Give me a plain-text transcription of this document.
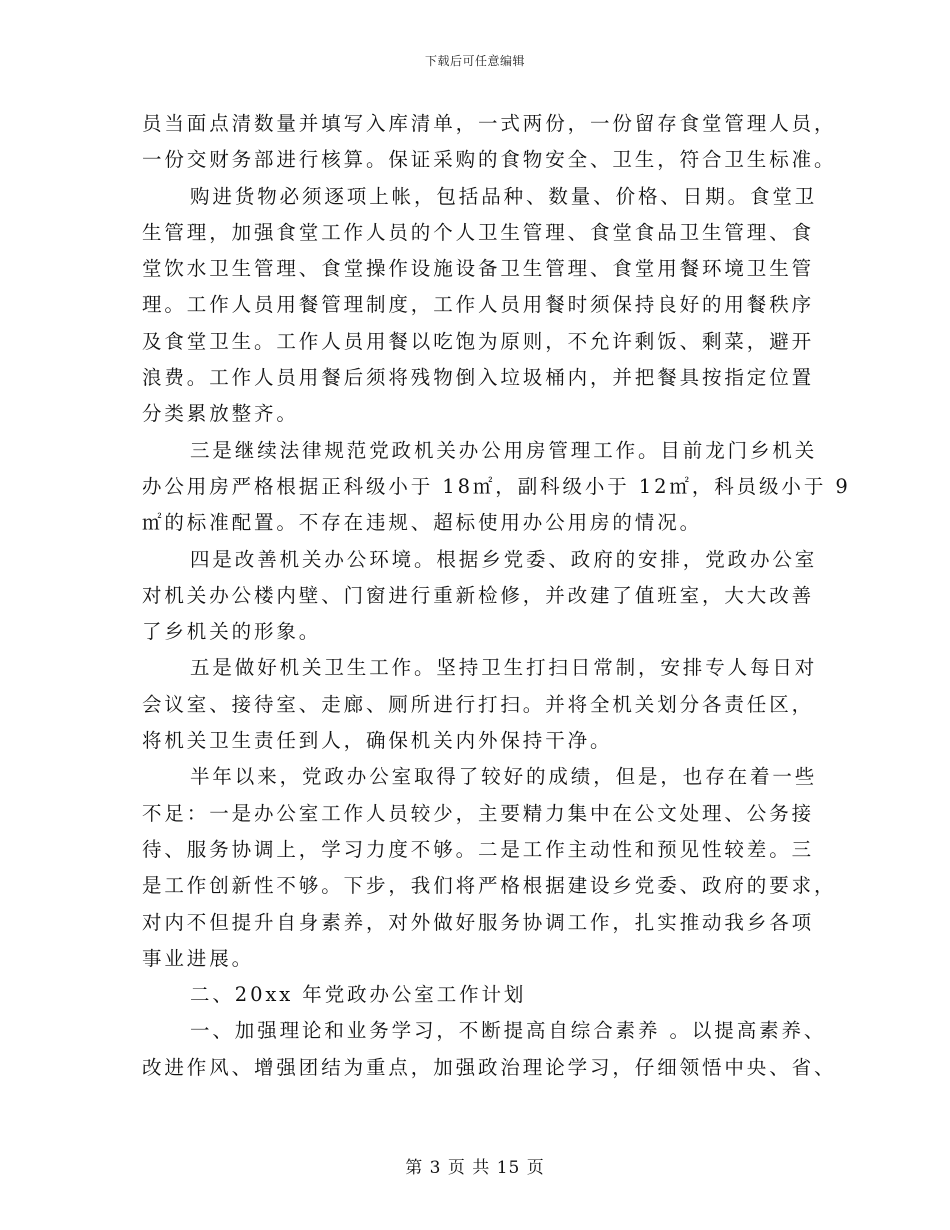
下载后可任意编辑
员当面点清数量并填写入库清单，一式两份，一份留存食堂管理人员，
一份交财务部进行核算。保证采购的食物安全、卫生，符合卫生标准。
购进货物必须逐项上帐，包括品种、数量、价格、日期。食堂卫
生管理，加强食堂工作人员的个人卫生管理、食堂食品卫生管理、食
堂饮水卫生管理、食堂操作设施设备卫生管理、食堂用餐环境卫生管
理。工作人员用餐管理制度，工作人员用餐时须保持良好的用餐秩序
及食堂卫生。工作人员用餐以吃饱为原则，不允许剩饭、剩菜，避开
浪费。工作人员用餐后须将残物倒入垃圾桶内，并把餐具按指定位置
分类累放整齐。
三是继续法律规范党政机关办公用房管理工作。目前龙门乡机关
办公用房严格根据正科级小于 18㎡，副科级小于 12㎡，科员级小于 9
㎡的标准配置。不存在违规、超标使用办公用房的情况。
四是改善机关办公环境。根据乡党委、政府的安排，党政办公室
对机关办公楼内壁、门窗进行重新检修，并改建了值班室，大大改善
了乡机关的形象。
五是做好机关卫生工作。坚持卫生打扫日常制，安排专人每日对
会议室、接待室、走廊、厕所进行打扫。并将全机关划分各责任区，
将机关卫生责任到人，确保机关内外保持干净。
半年以来，党政办公室取得了较好的成绩，但是，也存在着一些
不足：一是办公室工作人员较少，主要精力集中在公文处理、公务接
待、服务协调上，学习力度不够。二是工作主动性和预见性较差。三
是工作创新性不够。下步，我们将严格根据建设乡党委、政府的要求，
对内不但提升自身素养，对外做好服务协调工作，扎实推动我乡各项
事业进展。
二、20xx 年党政办公室工作计划
一、加强理论和业务学习，不断提高自综合素养 。以提高素养、
改进作风、增强团结为重点，加强政治理论学习，仔细领悟中央、省、
第 3 页 共 15 页
